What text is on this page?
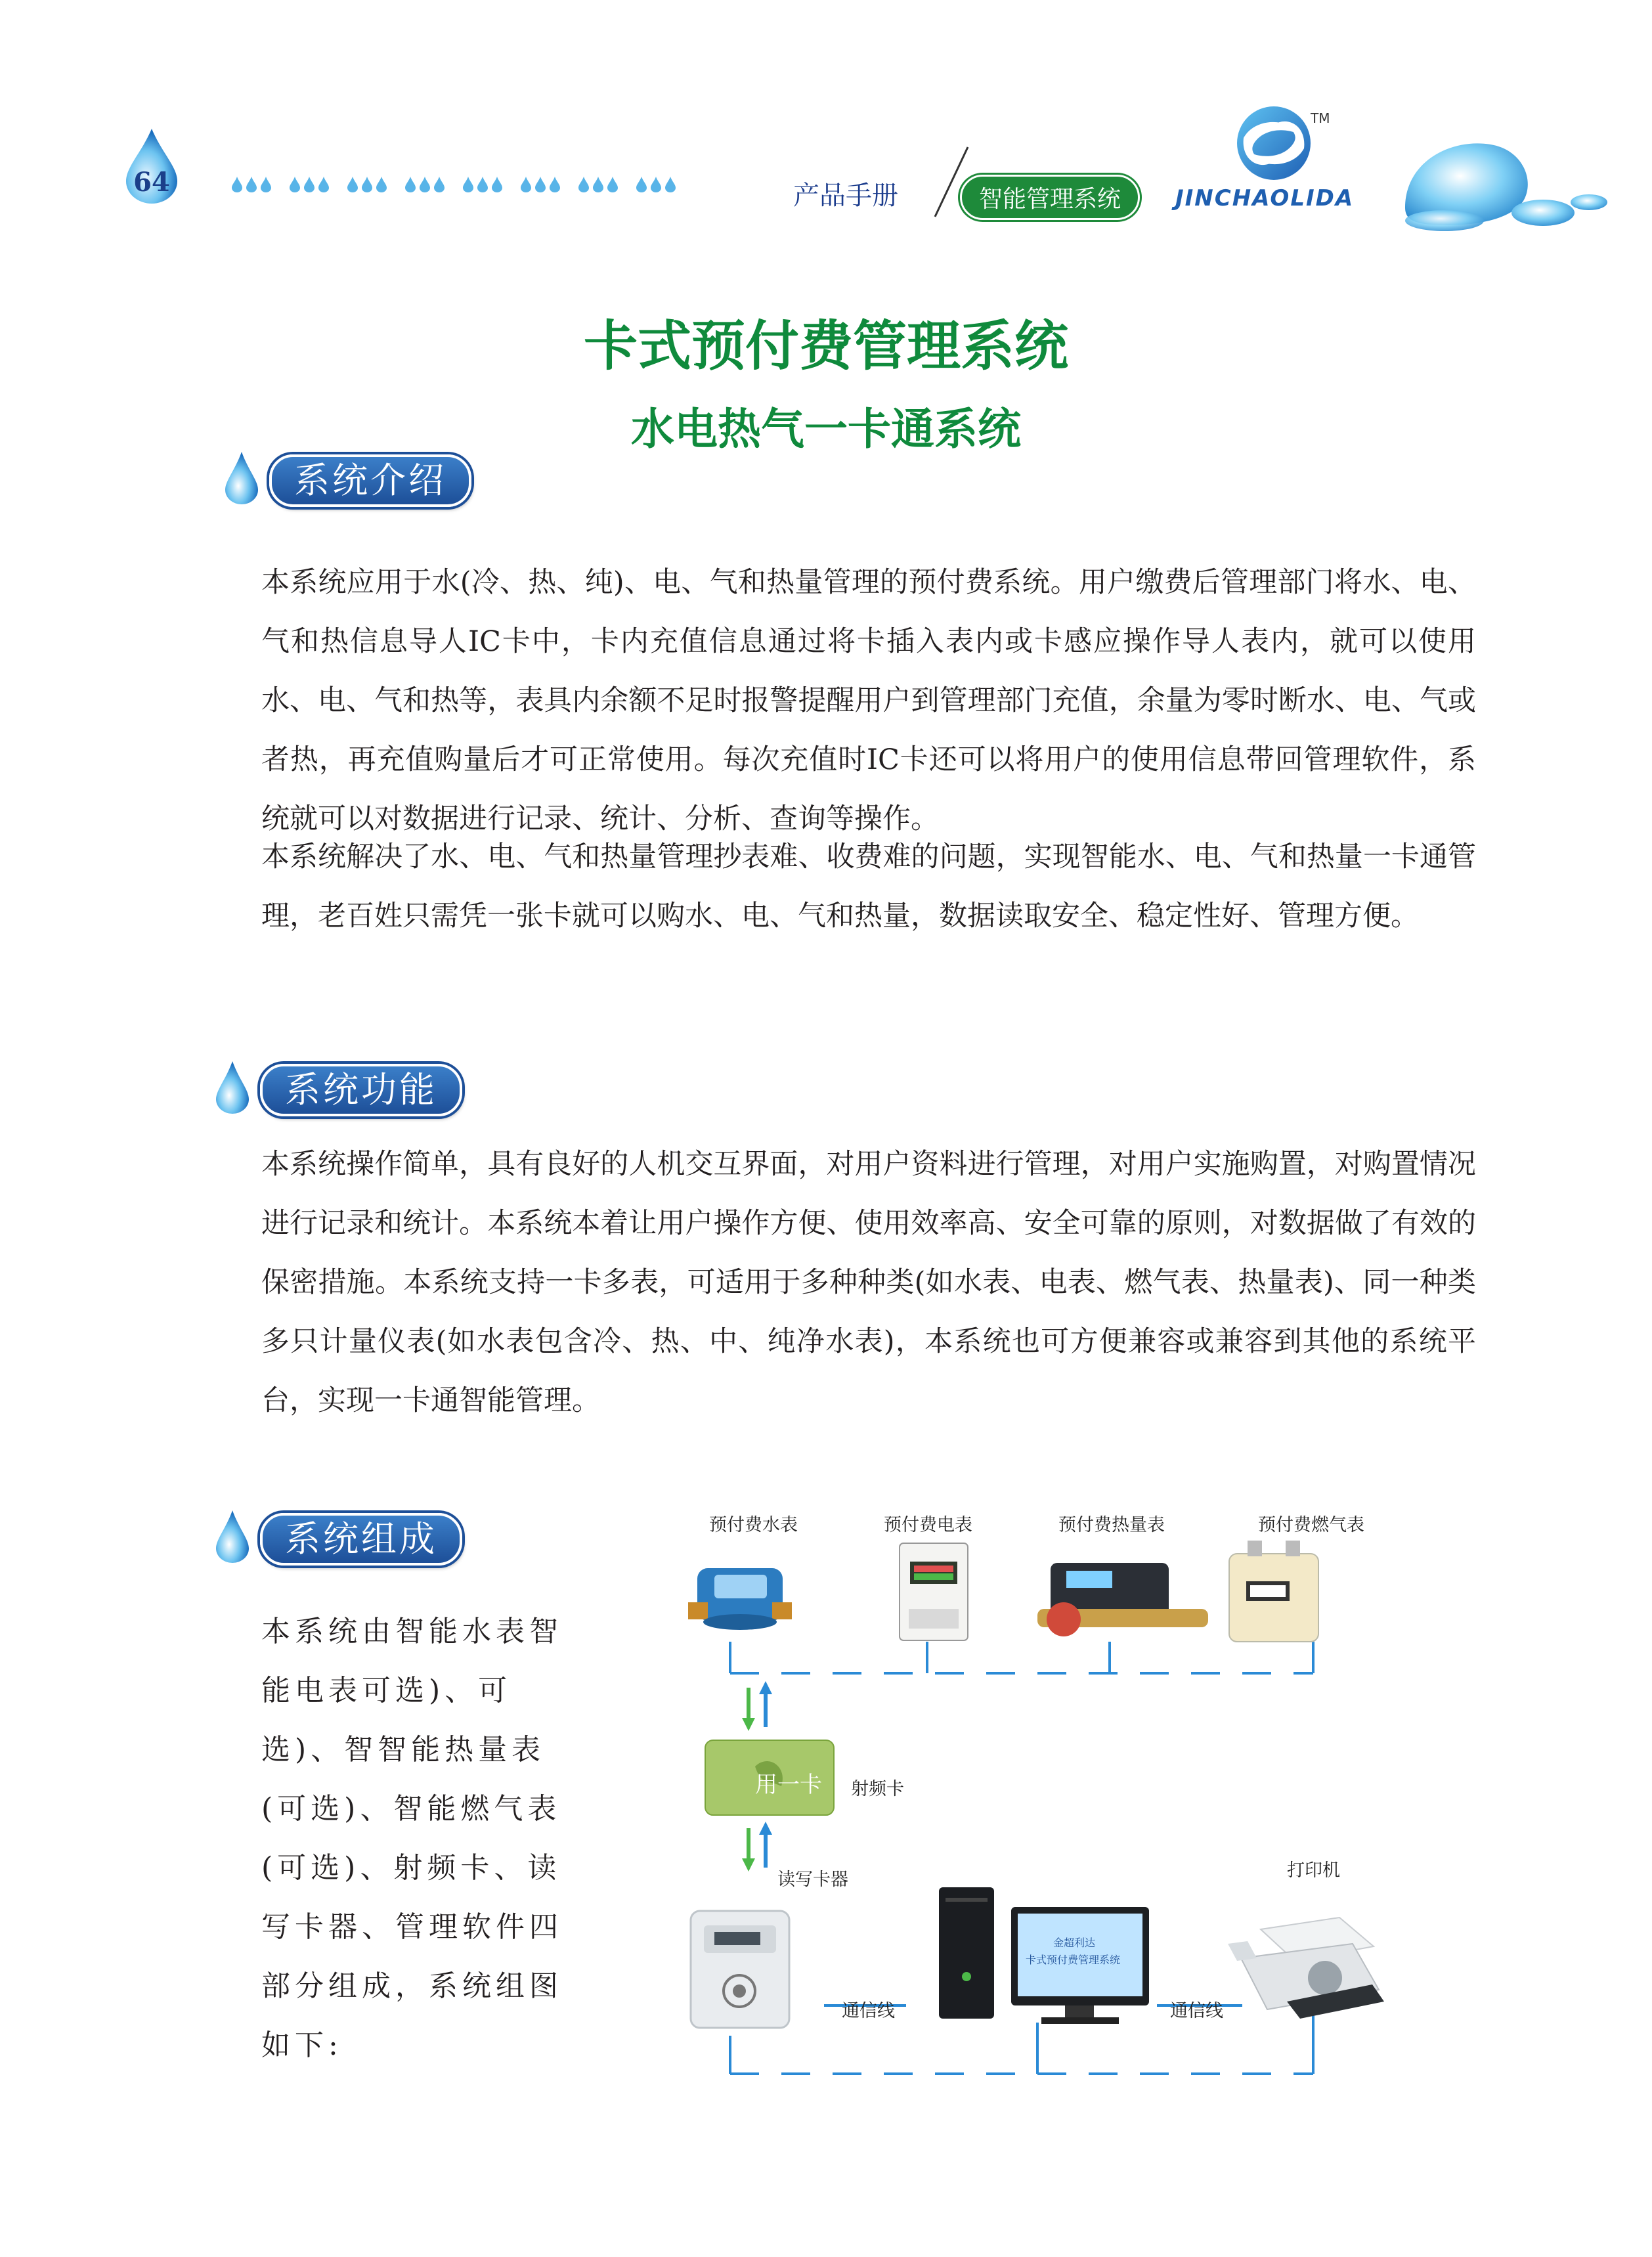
64	产品手册	智能管理系统
TM
JINCHAOLIDA
卡式预付费管理系统
水电热气一卡通系统
系统介绍
本系统应用于水(冷、热、纯)、电、气和热量管理的预付费系统。用户缴费后管理部门将水、电、气和热信息导人IC卡中，卡内充值信息通过将卡插入表内或卡感应操作导人表内，就可以使用水、电、气和热等，表具内余额不足时报警提醒用户到管理部门充值，余量为零时断水、电、气或者热，再充值购量后才可正常使用。每次充值时IC卡还可以将用户的使用信息带回管理软件，系统就可以对数据进行记录、统计、分析、查询等操作。
本系统解决了水、电、气和热量管理抄表难、收费难的问题，实现智能水、电、气和热量一卡通管理，老百姓只需凭一张卡就可以购水、电、气和热量，数据读取安全、稳定性好、管理方便。
系统功能
本系统操作简单，具有良好的人机交互界面，对用户资料进行管理，对用户实施购置，对购置情况进行记录和统计。本系统本着让用户操作方便、使用效率高、安全可靠的原则，对数据做了有效的保密措施。本系统支持一卡多表，可适用于多种种类(如水表、电表、燃气表、热量表)、同一种类多只计量仪表(如水表包含冷、热、中、纯净水表)，本系统也可方便兼容或兼容到其他的系统平台，实现一卡通智能管理。
系统组成
本系统由智能水表智能电表可选)、可选)、智智能热量表(可选)、智能燃气表(可选)、射频卡、读写卡器、管理软件四部分组成，系统组图如下:
预付费水表	预付费电表	预付费热量表	预付费燃气表
用一卡 射频卡
读写卡器	打印机
通信线	通信线
金超利达
卡式预付费管理系统
